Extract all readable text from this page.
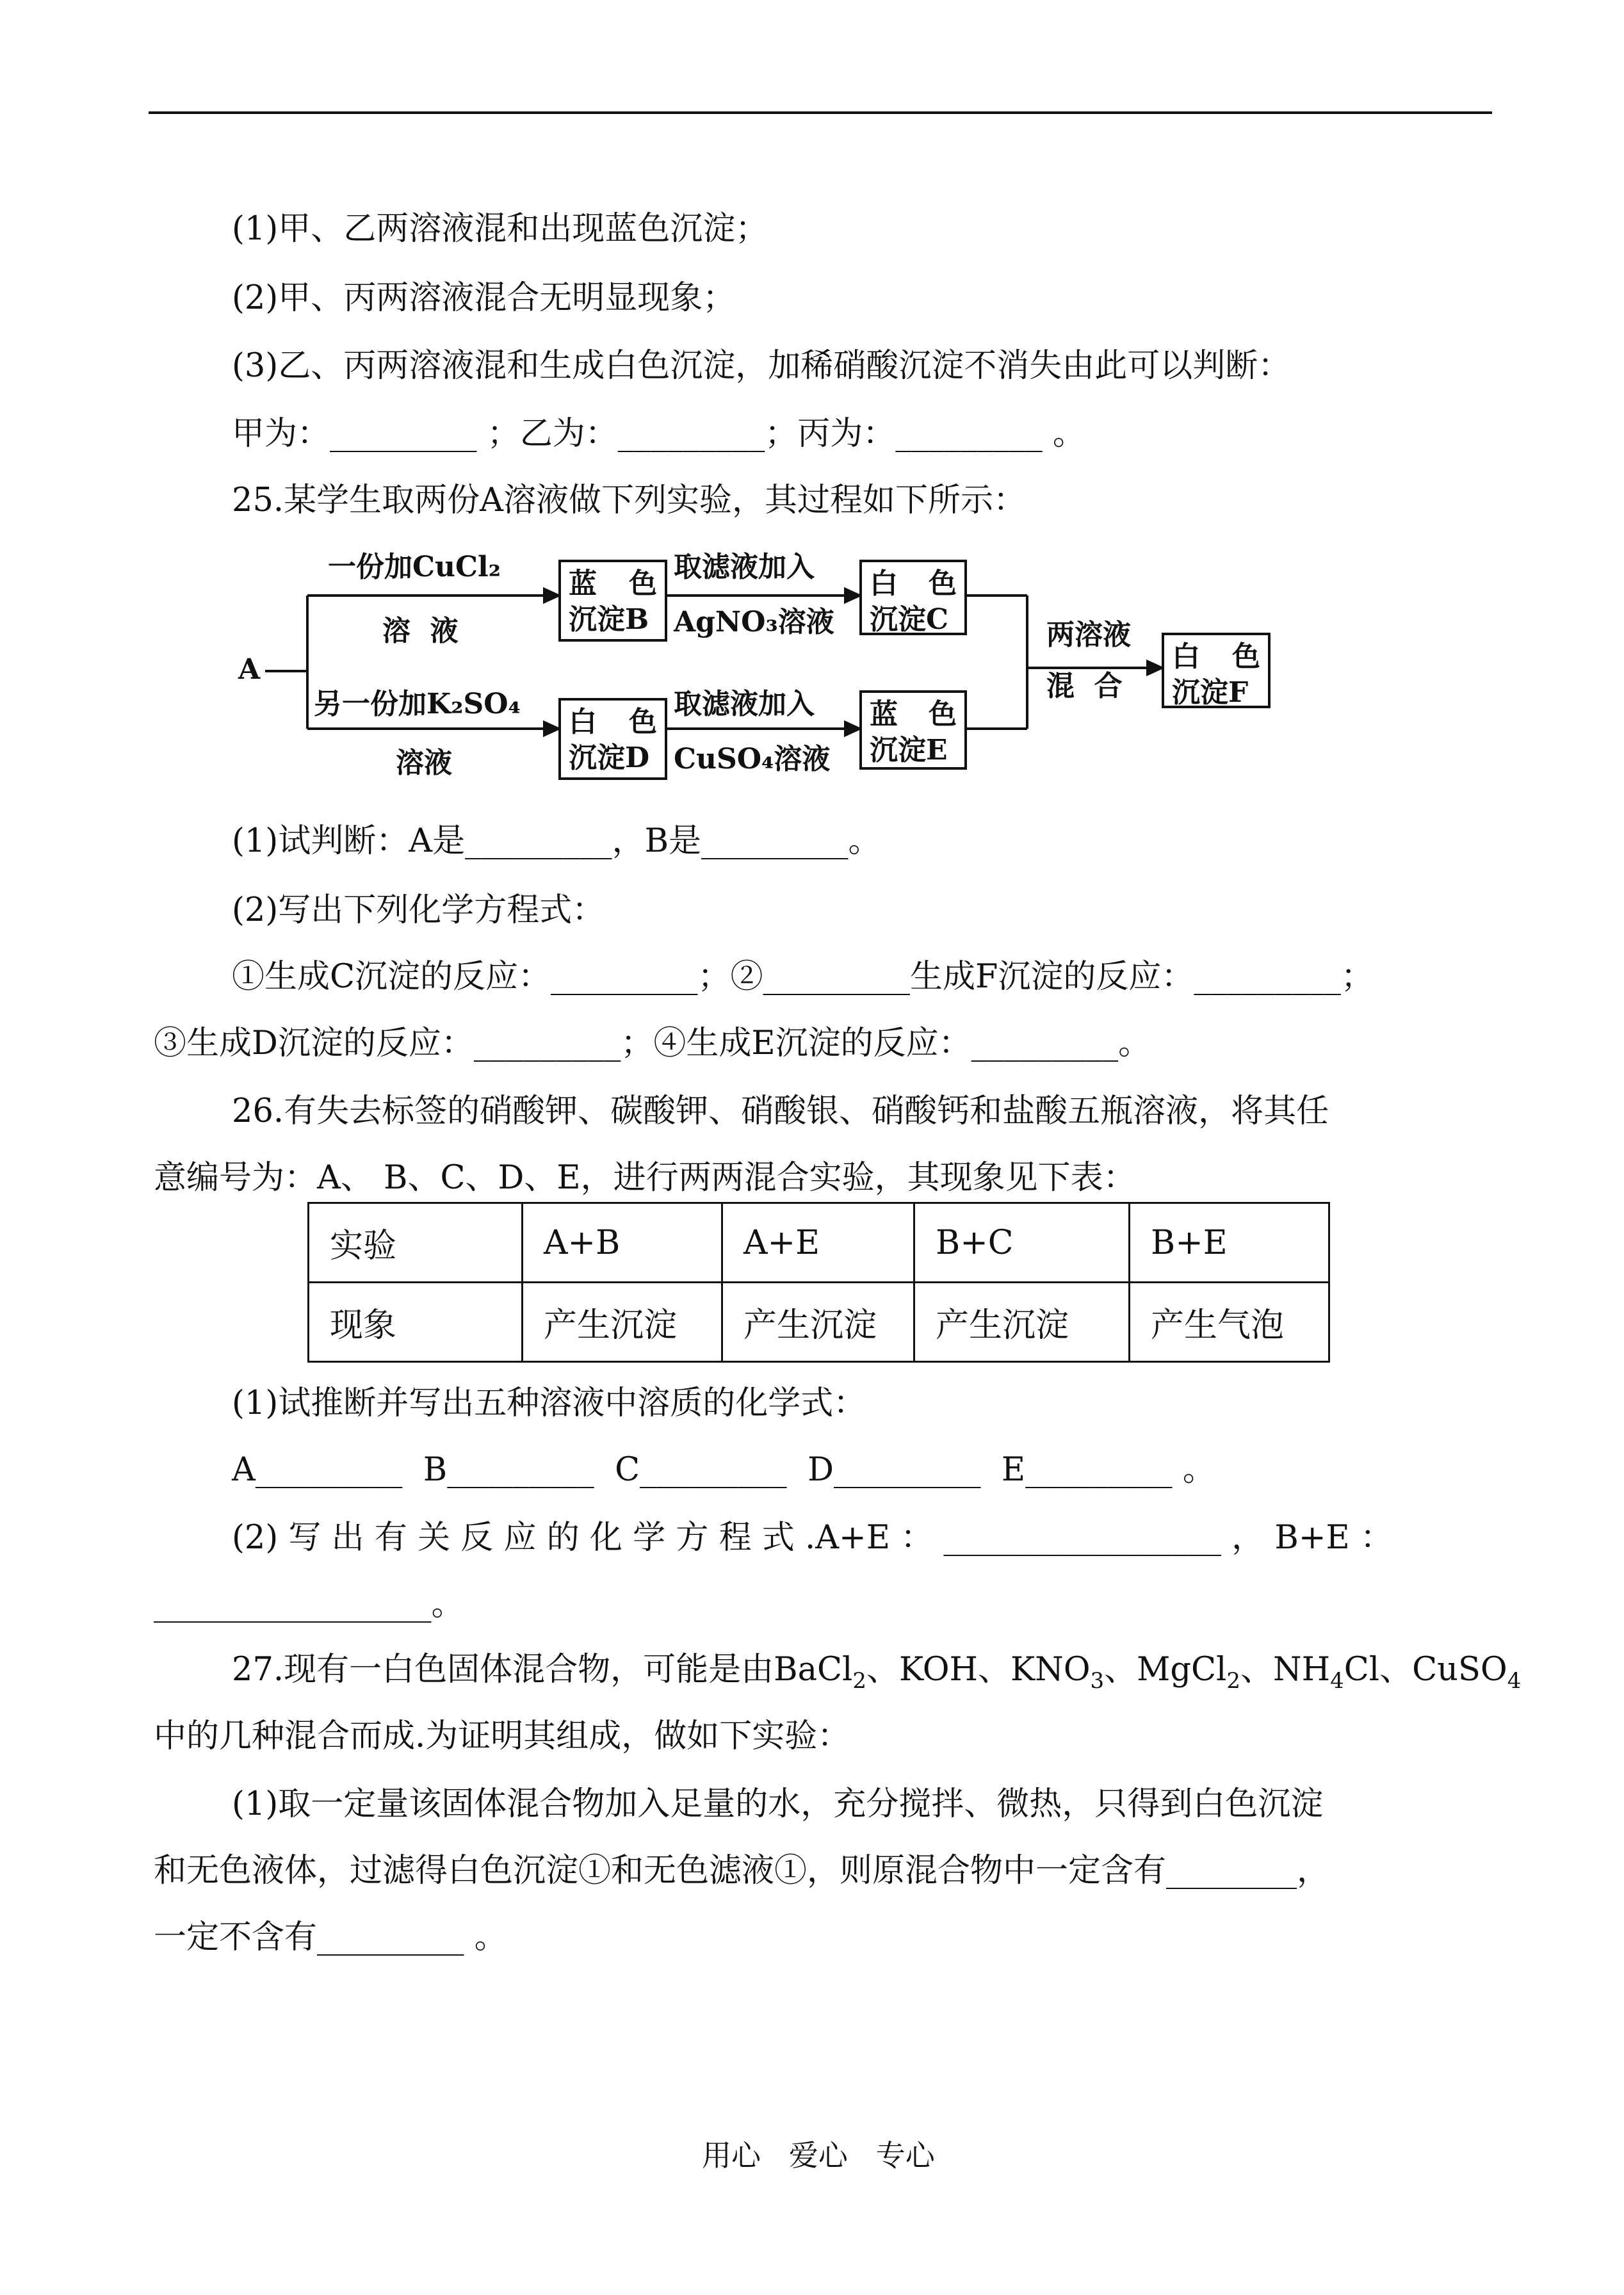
(1)甲、乙两溶液混和出现蓝色沉淀；
(2)甲、丙两溶液混合无明显现象；
(3)乙、丙两溶液混和生成白色沉淀，加稀硝酸沉淀不消失由此可以判断：
甲为：_________ ；乙为：_________；丙为：_________ 。
25.某学生取两份A溶液做下列实验，其过程如下所示：
A
一份加CuCl₂
溶  液
另一份加K₂SO₄
溶液
蓝 色
沉淀B
白 色
沉淀D
取滤液加入
AgNO₃溶液
取滤液加入
CuSO₄溶液
白 色
沉淀C
蓝 色
沉淀E
两溶液
混  合
白 色
沉淀F
(1)试判断：A是_________，B是_________。
(2)写出下列化学方程式：
①生成C沉淀的反应：_________；②_________生成F沉淀的反应：_________；
③生成D沉淀的反应：_________；④生成E沉淀的反应：_________。
26.有失去标签的硝酸钾、碳酸钾、硝酸银、硝酸钙和盐酸五瓶溶液，将其任
意编号为：A、 B、C、D、E，进行两两混合实验，其现象见下表：
实验	A+B	A+E	B+C	B+E
现象	产生沉淀	产生沉淀	产生沉淀	产生气泡
(1)试推断并写出五种溶液中溶质的化学式：
A_________  B_________  C_________  D_________  E_________ 。
(2) 写 出 有 关 反 应 的 化 学 方 程 式 .A+E ： _________________ ， B+E ：
_________________。
27.现有一白色固体混合物，可能是由BaCl$_2$、KOH、$KNO_3$、MgCl$_2$、$NH_4Cl$、CuSO$_4$
中的几种混合而成.为证明其组成，做如下实验：
(1)取一定量该固体混合物加入足量的水，充分搅拌、微热，只得到白色沉淀
和无色液体，过滤得白色沉淀①和无色滤液①，则原混合物中一定含有________，
一定不含有_________ 。
用心   爱心   专心
